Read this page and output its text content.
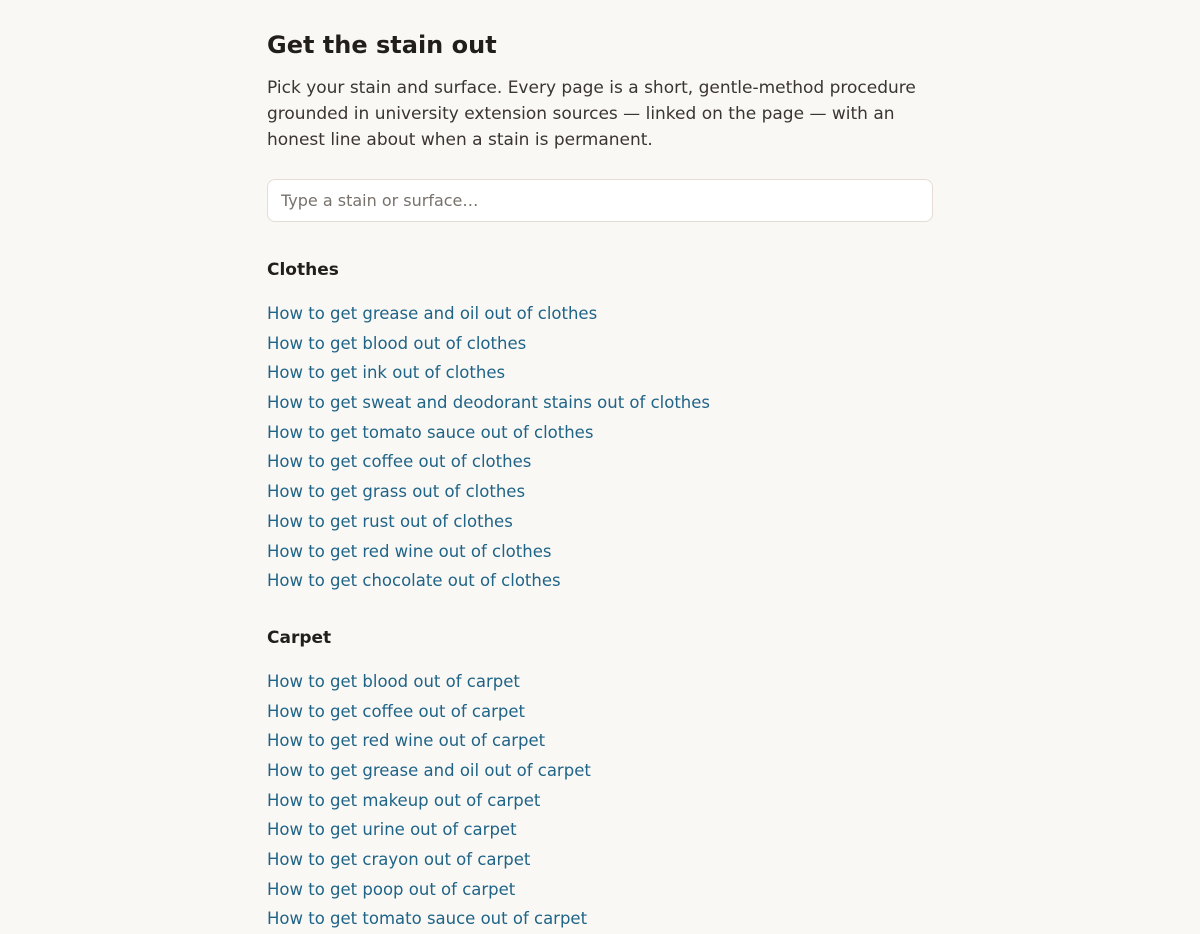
Get the stain out

Pick your stain and surface. Every page is a short, gentle-method procedure grounded in university extension sources — linked on the page — with an honest line about when a stain is permanent.

Type a stain or surface…
Clothes
How to get grease and oil out of clothes
How to get blood out of clothes
How to get ink out of clothes
How to get sweat and deodorant stains out of clothes
How to get tomato sauce out of clothes
How to get coffee out of clothes
How to get grass out of clothes
How to get rust out of clothes
How to get red wine out of clothes
How to get chocolate out of clothes
Carpet
How to get blood out of carpet
How to get coffee out of carpet
How to get red wine out of carpet
How to get grease and oil out of carpet
How to get makeup out of carpet
How to get urine out of carpet
How to get crayon out of carpet
How to get poop out of carpet
How to get tomato sauce out of carpet
